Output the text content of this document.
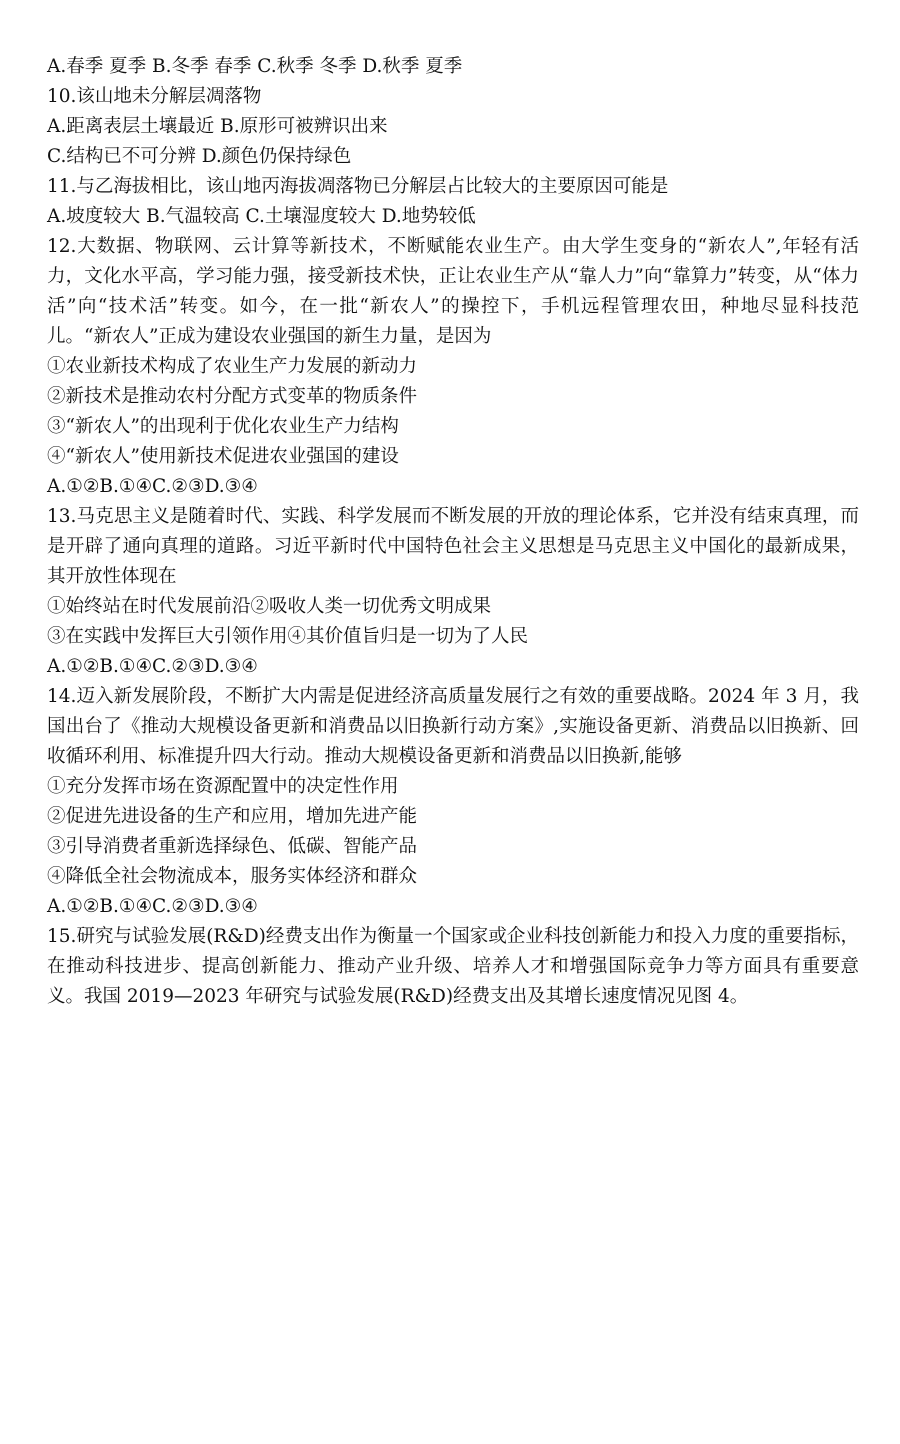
A.春季 夏季 B.冬季 春季 C.秋季 冬季 D.秋季 夏季
10.该山地未分解层凋落物
A.距离表层土壤最近 B.原形可被辨识出来
C.结构已不可分辨 D.颜色仍保持绿色
11.与乙海拔相比，该山地丙海拔凋落物已分解层占比较大的主要原因可能是
A.坡度较大 B.气温较高 C.土壤湿度较大 D.地势较低
12.大数据、物联网、云计算等新技术，不断赋能农业生产。由大学生变身的“新农人”,年轻有活力，文化水平高，学习能力强，接受新技术快，正让农业生产从“靠人力”向“靠算力”转变，从“体力活”向“技术活”转变。如今，在一批“新农人”的操控下，手机远程管理农田，种地尽显科技范儿。“新农人”正成为建设农业强国的新生力量，是因为
①农业新技术构成了农业生产力发展的新动力
②新技术是推动农村分配方式变革的物质条件
③“新农人”的出现利于优化农业生产力结构
④“新农人”使用新技术促进农业强国的建设
A.①②B.①④C.②③D.③④
13.马克思主义是随着时代、实践、科学发展而不断发展的开放的理论体系，它并没有结束真理，而是开辟了通向真理的道路。习近平新时代中国特色社会主义思想是马克思主义中国化的最新成果，其开放性体现在
①始终站在时代发展前沿②吸收人类一切优秀文明成果
③在实践中发挥巨大引领作用④其价值旨归是一切为了人民
A.①②B.①④C.②③D.③④
14.迈入新发展阶段，不断扩大内需是促进经济高质量发展行之有效的重要战略。2024 年 3 月，我国出台了《推动大规模设备更新和消费品以旧换新行动方案》,实施设备更新、消费品以旧换新、回收循环利用、标准提升四大行动。推动大规模设备更新和消费品以旧换新,能够
①充分发挥市场在资源配置中的决定性作用
②促进先进设备的生产和应用，增加先进产能
③引导消费者重新选择绿色、低碳、智能产品
④降低全社会物流成本，服务实体经济和群众
A.①②B.①④C.②③D.③④
15.研究与试验发展(R&D)经费支出作为衡量一个国家或企业科技创新能力和投入力度的重要指标，在推动科技进步、提高创新能力、推动产业升级、培养人才和增强国际竞争力等方面具有重要意义。我国 2019—2023 年研究与试验发展(R&D)经费支出及其增长速度情况见图 4。
